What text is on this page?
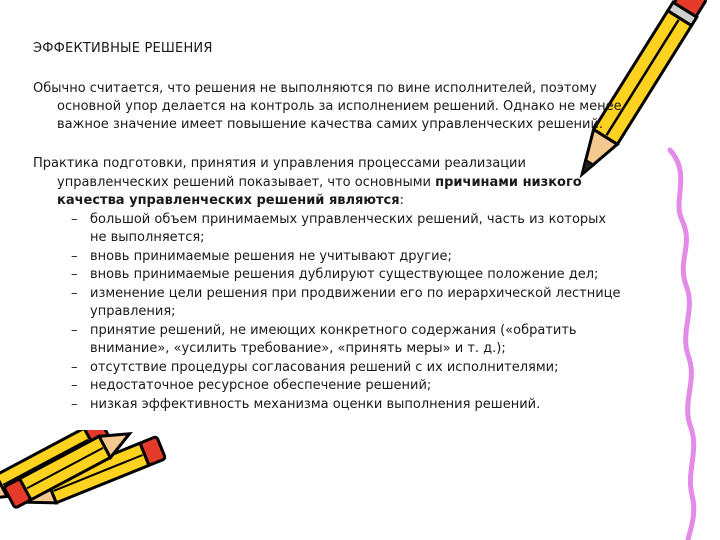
ЭФФЕКТИВНЫЕ РЕШЕНИЯ
Обычно считается, что решения не выполняются по вине исполнителей, поэтому
основной упор делается на контроль за исполнением решений. Однако не менее
важное значение имеет повышение качества самих управленческих решений.
Практика подготовки, принятия и управления процессами реализации
управленческих решений показывает, что основными причинами низкого
качества управленческих решений являются:
– большой объем принимаемых управленческих решений, часть из которых
не выполняется;
– вновь принимаемые решения не учитывают другие;
– вновь принимаемые решения дублируют существующее положение дел;
– изменение цели решения при продвижении его по иерархической лестнице
управления;
– принятие решений, не имеющих конкретного содержания («обратить
внимание», «усилить требование», «принять меры» и т. д.);
– отсутствие процедуры согласования решений с их исполнителями;
– недостаточное ресурсное обеспечение решений;
– низкая эффективность механизма оценки выполнения решений.
